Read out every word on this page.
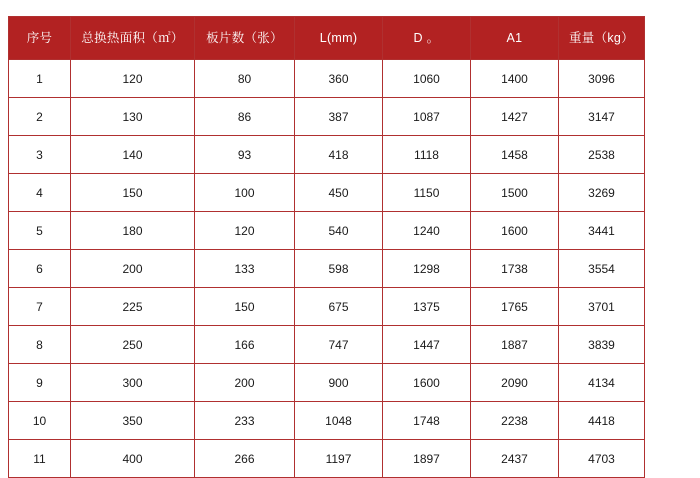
序号	总换热面积（㎡）	板片数（张）	L(mm)	D 。	A1	重量（kg）

1	120	80	360	1060	1400	3096
2	130	86	387	1087	1427	3147
3	140	93	418	1118	1458	2538
4	150	100	450	1150	1500	3269
5	180	120	540	1240	1600	3441
6	200	133	598	1298	1738	3554
7	225	150	675	1375	1765	3701
8	250	166	747	1447	1887	3839
9	300	200	900	1600	2090	4134
10	350	233	1048	1748	2238	4418
11	400	266	1197	1897	2437	4703
